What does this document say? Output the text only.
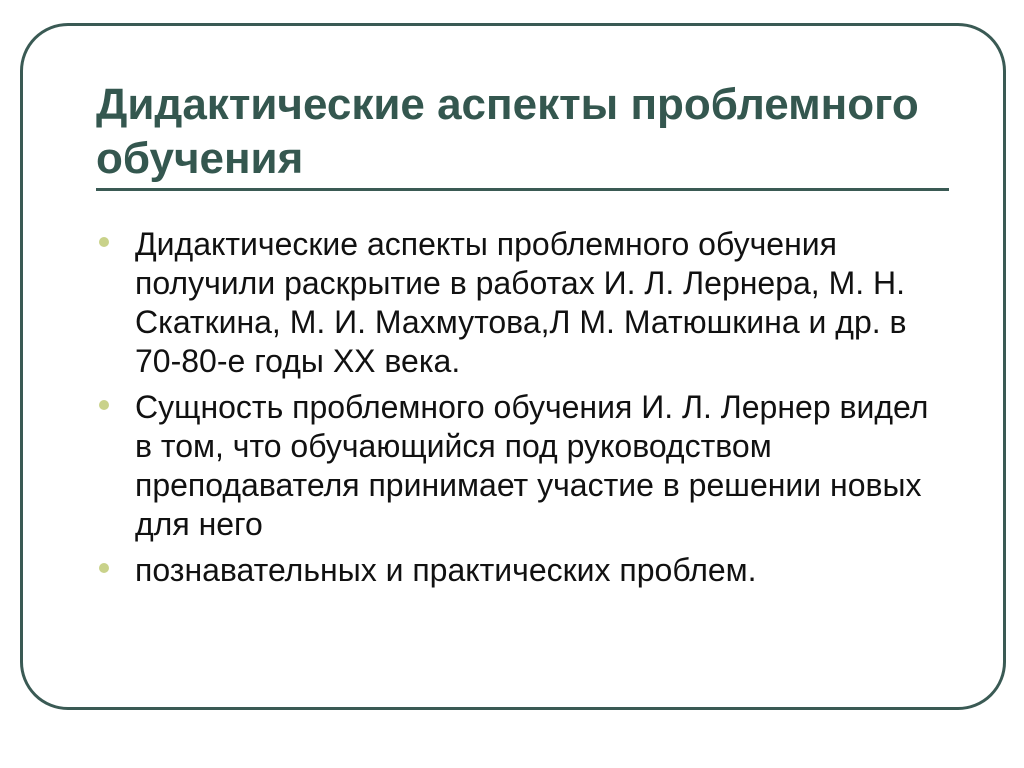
Дидактические аспекты проблемного обучения
Дидактические аспекты проблемного обучения получили раскрытие в работах И. Л. Лернера, М. Н. Скаткина, М. И. Махмутова,Л М. Матюшкина и др. в 70-80-е годы XX века.
Сущность проблемного обучения И. Л. Лернер видел в том, что обучающийся под руководством преподавателя принимает участие в решении новых для него
познавательных и практических проблем.
